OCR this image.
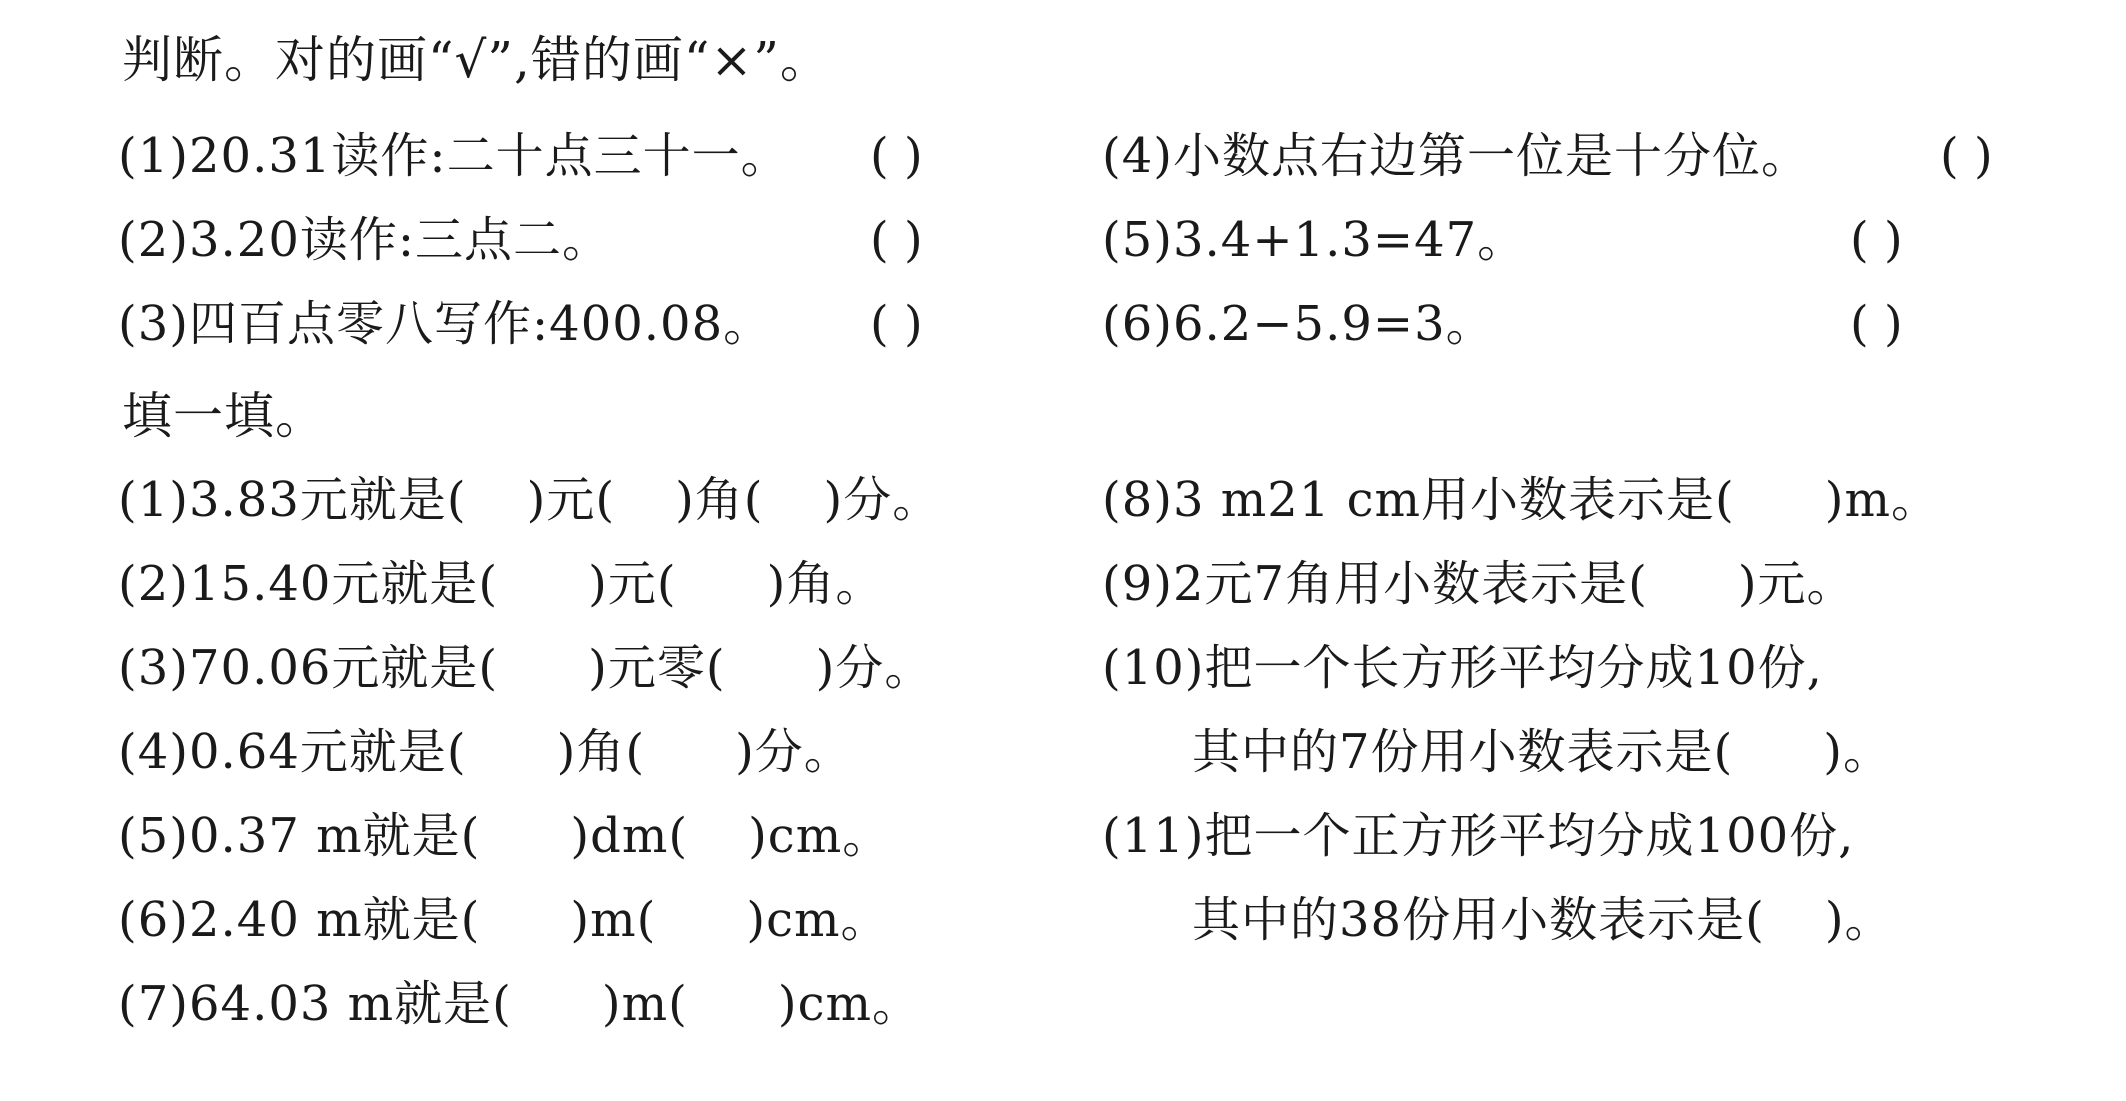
判断。对的画“√”,错的画“×”。
(1)20.31读作:二十点三十一。 ( )
(2)3.20读作:三点二。	( )
(3)四百点零八写作:400.08。 ( )
(4)小数点右边第一位是十分位。	( )
(5)3.4+1.3=47。	( )
(6)6.2−5.9=3。	( )
填一填。
(1)3.83元就是( )元( )角( )分。
(2)15.40元就是( )元( )角。
(3)70.06元就是( )元零( )分。
(4)0.64元就是( )角( )分。
(5)0.37 m就是( )dm( )cm。
(6)2.40 m就是( )m( )cm。
(7)64.03 m就是( )m( )cm。
(8)3 m21 cm用小数表示是( )m。
(9)2元7角用小数表示是( )元。
(10)把一个长方形平均分成10份,
其中的7份用小数表示是( )。
(11)把一个正方形平均分成100份,
其中的38份用小数表示是( )。
